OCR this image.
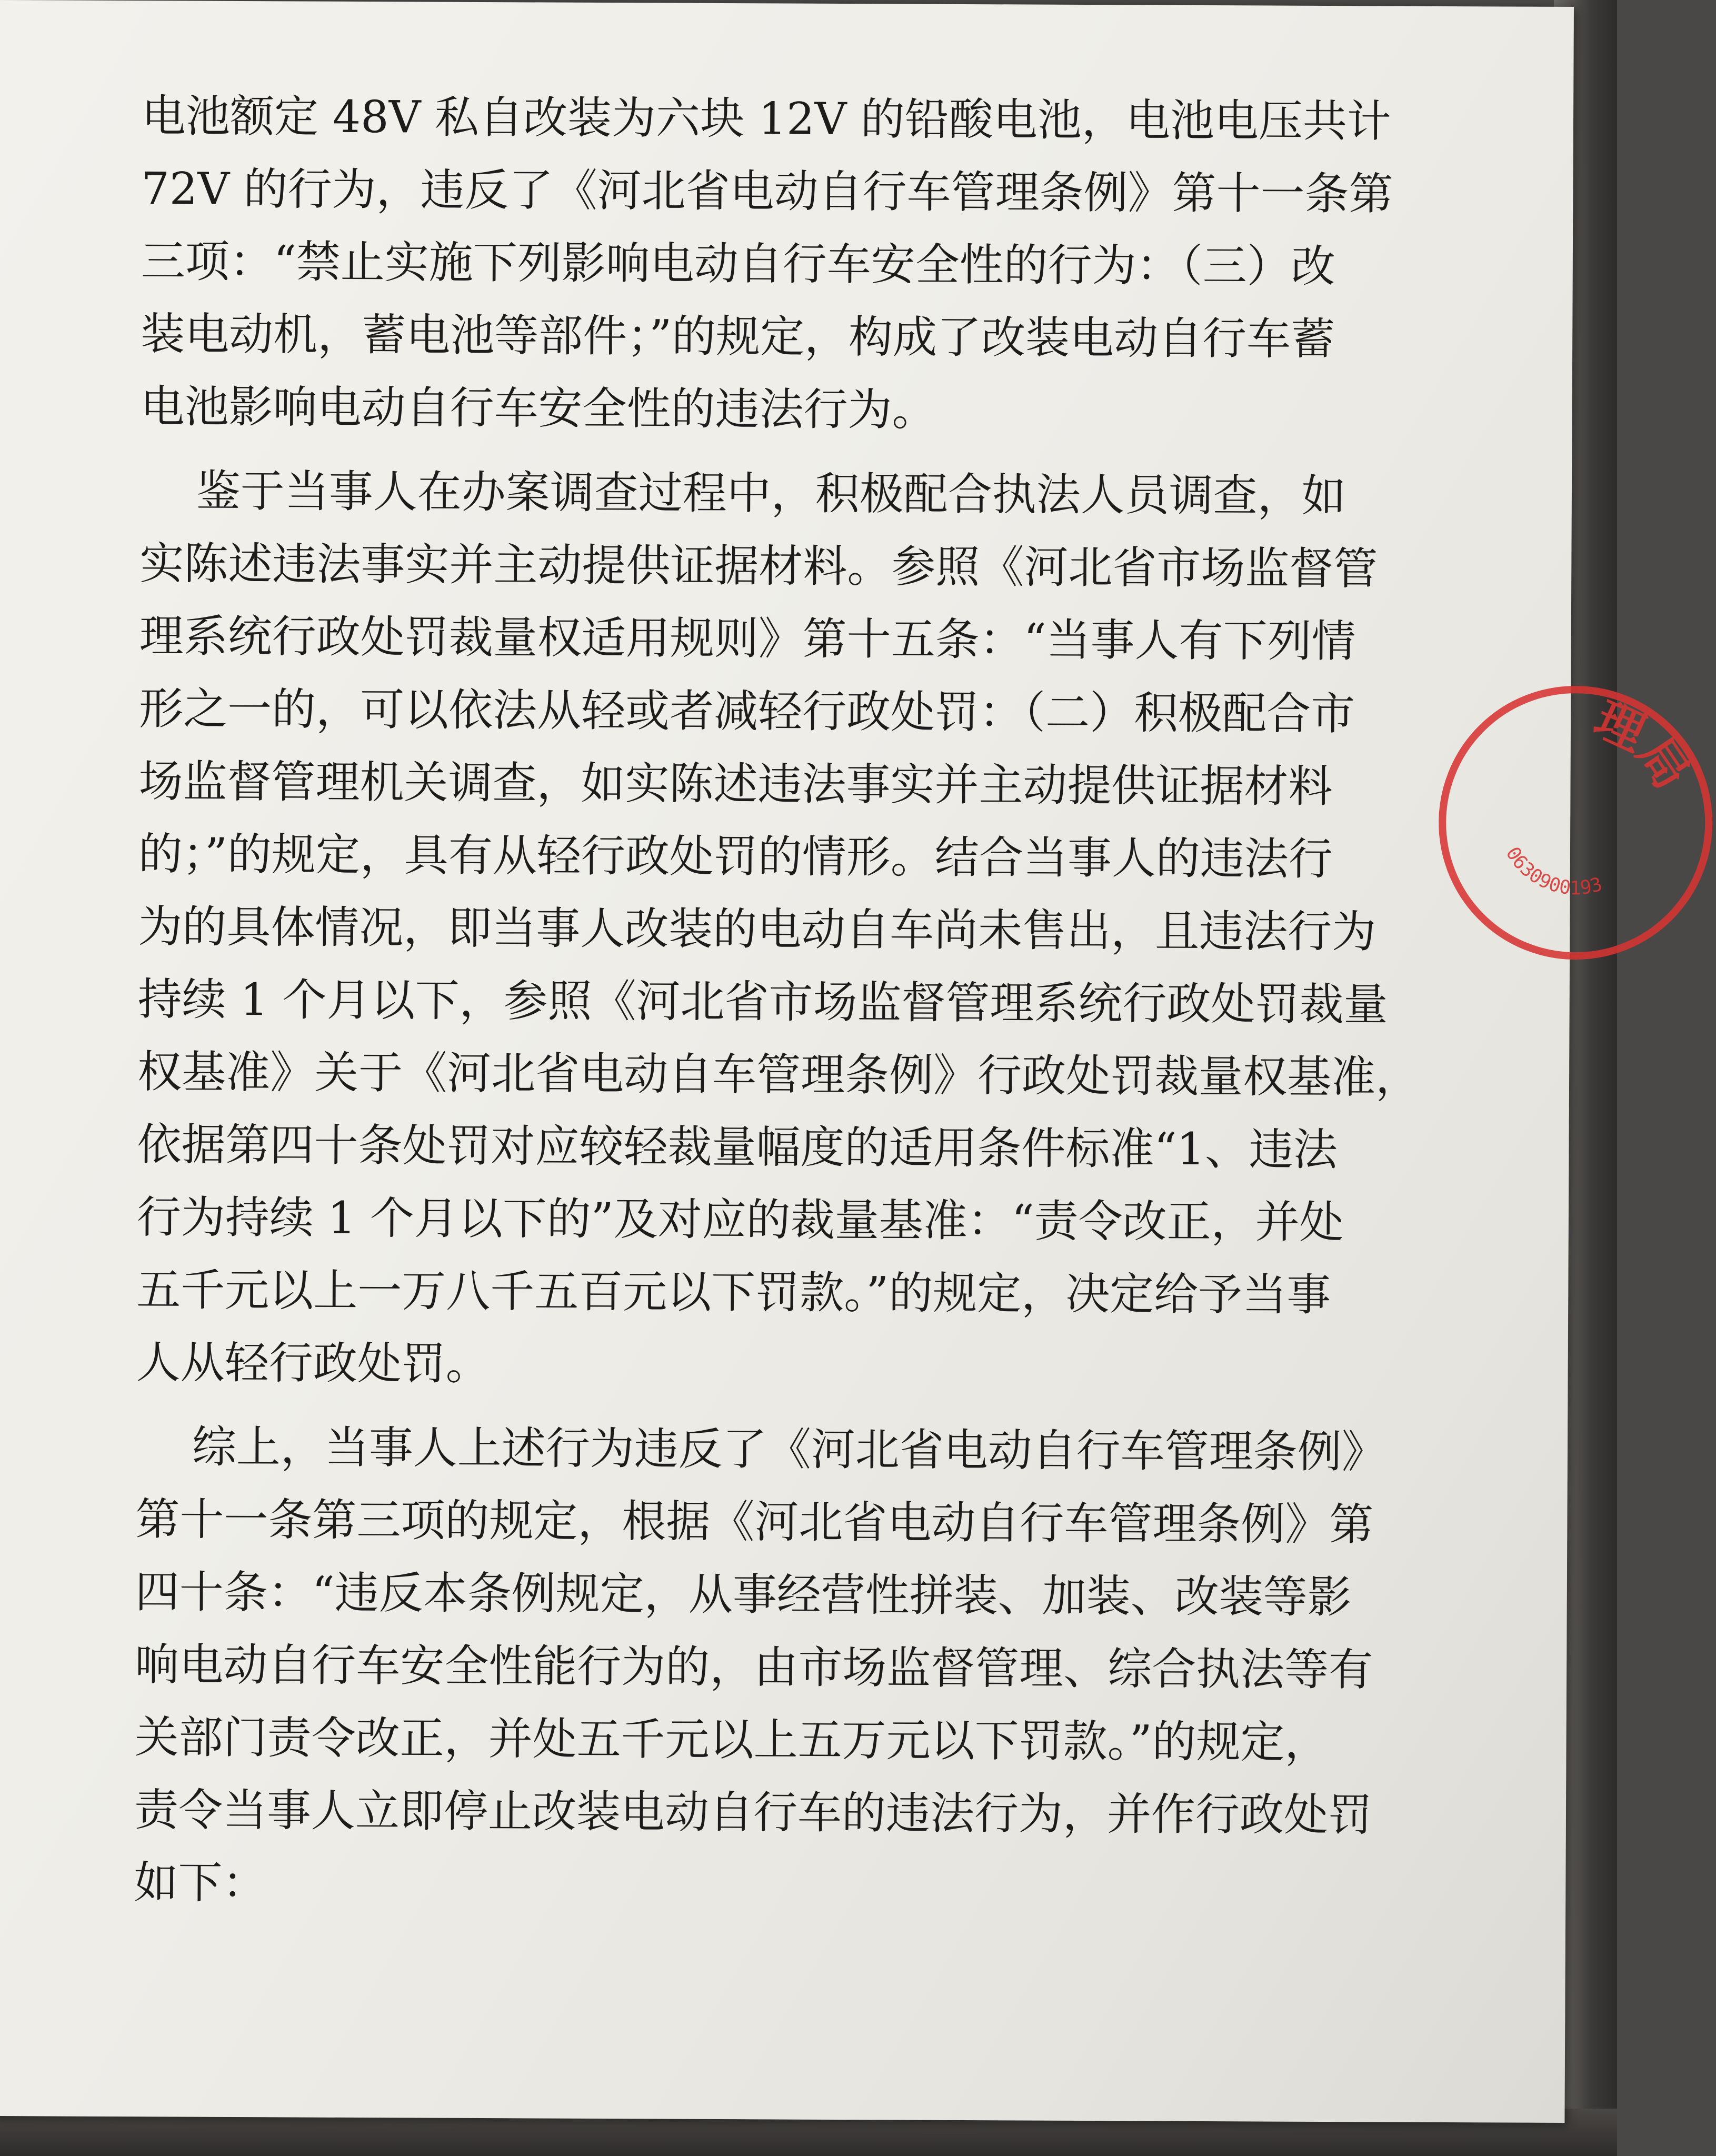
电池额定 48V 私自改装为六块 12V 的铅酸电池，电池电压共计
72V 的行为，违反了《河北省电动自行车管理条例》第十一条第
三项：“禁止实施下列影响电动自行车安全性的行为：（三）改
装电动机，蓄电池等部件；”的规定，构成了改装电动自行车蓄
电池影响电动自行车安全性的违法行为。
鉴于当事人在办案调查过程中，积极配合执法人员调查，如
实陈述违法事实并主动提供证据材料。参照《河北省市场监督管
理系统行政处罚裁量权适用规则》第十五条：“当事人有下列情
形之一的，可以依法从轻或者减轻行政处罚：（二）积极配合市
场监督管理机关调查，如实陈述违法事实并主动提供证据材料
的；”的规定，具有从轻行政处罚的情形。结合当事人的违法行
为的具体情况，即当事人改装的电动自车尚未售出，且违法行为
持续 1 个月以下，参照《河北省市场监督管理系统行政处罚裁量
权基准》关于《河北省电动自车管理条例》行政处罚裁量权基准，
依据第四十条处罚对应较轻裁量幅度的适用条件标准“1、违法
行为持续 1 个月以下的”及对应的裁量基准：“责令改正，并处
五千元以上一万八千五百元以下罚款。”的规定，决定给予当事
人从轻行政处罚。
综上，当事人上述行为违反了《河北省电动自行车管理条例》
第十一条第三项的规定，根据《河北省电动自行车管理条例》第
四十条：“违反本条例规定，从事经营性拼装、加装、改装等影
响电动自行车安全性能行为的，由市场监督管理、综合执法等有
关部门责令改正，并处五千元以上五万元以下罚款。”的规定，
责令当事人立即停止改装电动自行车的违法行为，并作行政处罚
如下：
理局
0630900193
